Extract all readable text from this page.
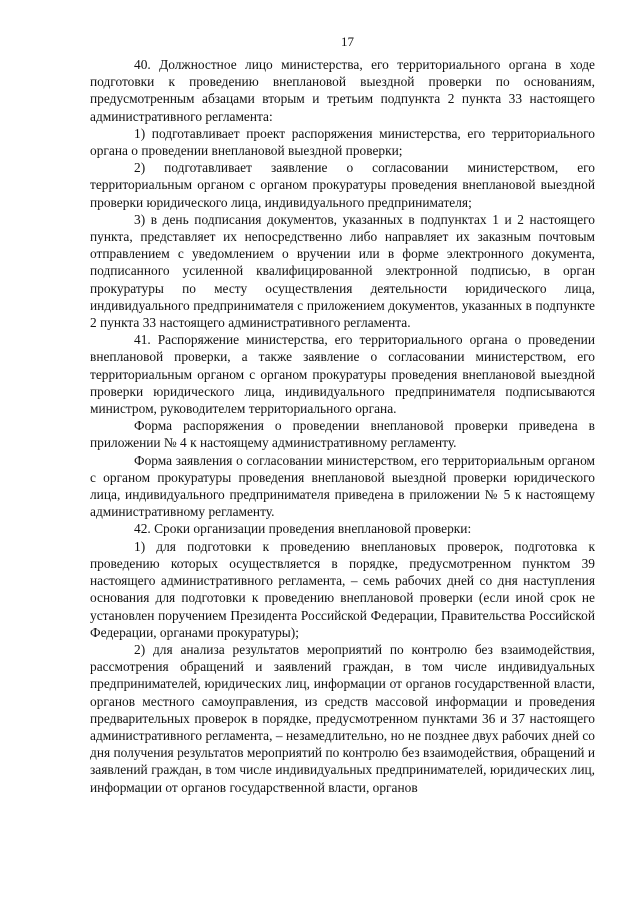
17

40. Должностное лицо министерства, его территориального органа в ходе подготовки к проведению внеплановой выездной проверки по основаниям, предусмотренным абзацами вторым и третьим подпункта 2 пункта 33 настоящего административного регламента:

1) подготавливает проект распоряжения министерства, его территориального органа о проведении внеплановой выездной проверки;

2) подготавливает заявление о согласовании министерством, его территориальным органом с органом прокуратуры проведения внеплановой выездной проверки юридического лица, индивидуального предпринимателя;

3) в день подписания документов, указанных в подпунктах 1 и 2 настоящего пункта, представляет их непосредственно либо направляет их заказным почтовым отправлением с уведомлением о вручении или в форме электронного документа, подписанного усиленной квалифицированной электронной подписью, в орган прокуратуры по месту осуществления деятельности юридического лица, индивидуального предпринимателя с приложением документов, указанных в подпункте 2 пункта 33 настоящего административного регламента.

41. Распоряжение министерства, его территориального органа о проведении внеплановой проверки, а также заявление о согласовании министерством, его территориальным органом с органом прокуратуры проведения внеплановой выездной проверки юридического лица, индивидуального предпринимателя подписываются министром, руководителем территориального органа.

Форма распоряжения о проведении внеплановой проверки приведена в приложении № 4 к настоящему административному регламенту.

Форма заявления о согласовании министерством, его территориальным органом с органом прокуратуры проведения внеплановой выездной проверки юридического лица, индивидуального предпринимателя приведена в приложении № 5 к настоящему административному регламенту.

42. Сроки организации проведения внеплановой проверки:

1) для подготовки к проведению внеплановых проверок, подготовка к проведению которых осуществляется в порядке, предусмотренном пунктом 39 настоящего административного регламента, – семь рабочих дней со дня наступления основания для подготовки к проведению внеплановой проверки (если иной срок не установлен поручением Президента Российской Федерации, Правительства Российской Федерации, органами прокуратуры);

2) для анализа результатов мероприятий по контролю без взаимодействия, рассмотрения обращений и заявлений граждан, в том числе индивидуальных предпринимателей, юридических лиц, информации от органов государственной власти, органов местного самоуправления, из средств массовой информации и проведения предварительных проверок в порядке, предусмотренном пунктами 36 и 37 настоящего административного регламента, – незамедлительно, но не позднее двух рабочих дней со дня получения результатов мероприятий по контролю без взаимодействия, обращений и заявлений граждан, в том числе индивидуальных предпринимателей, юридических лиц, информации от органов государственной власти, органов
